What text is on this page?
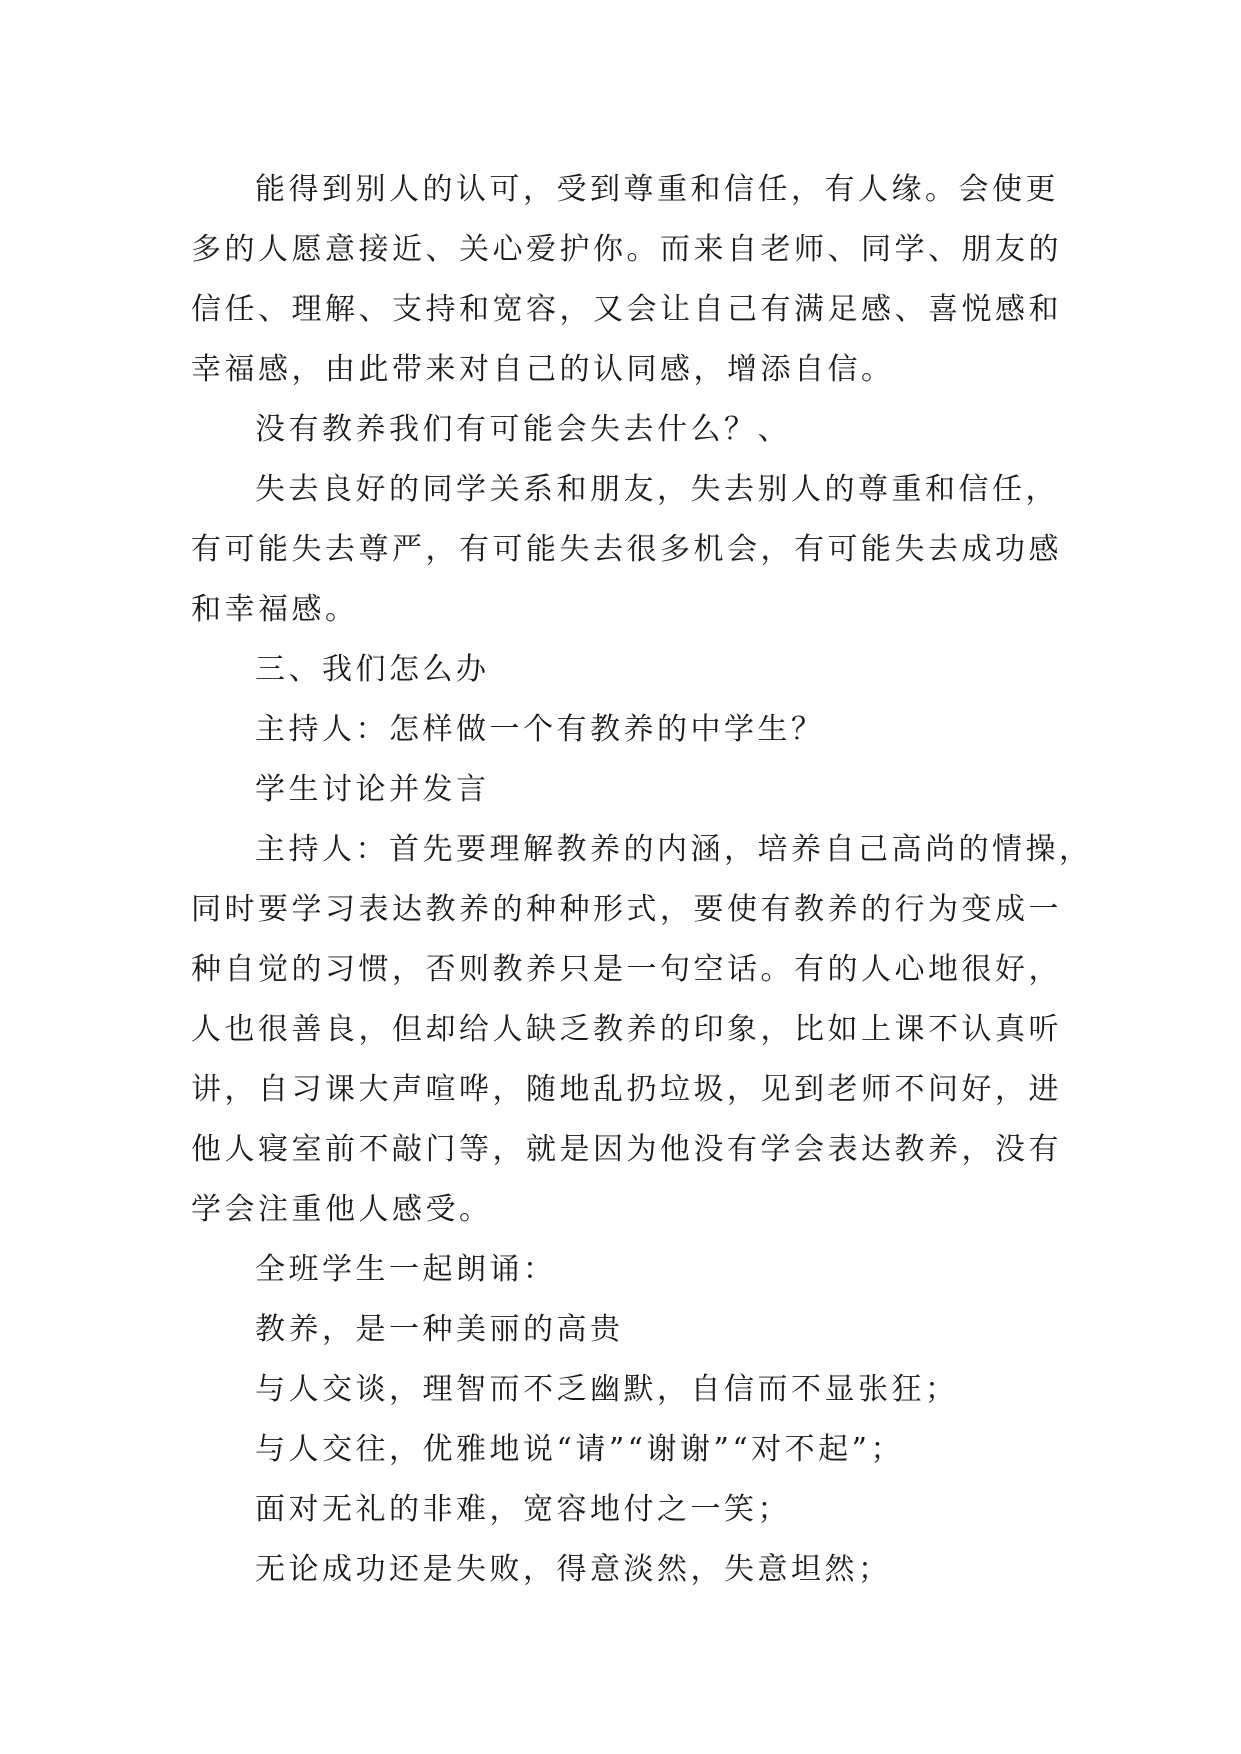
能得到别人的认可，受到尊重和信任，有人缘。会使更
多的人愿意接近、关心爱护你。而来自老师、同学、朋友的
信任、理解、支持和宽容，又会让自己有满足感、喜悦感和
幸福感，由此带来对自己的认同感，增添自信。
没有教养我们有可能会失去什么？、
失去良好的同学关系和朋友，失去别人的尊重和信任，
有可能失去尊严，有可能失去很多机会，有可能失去成功感
和幸福感。
三、我们怎么办
主持人：怎样做一个有教养的中学生？
学生讨论并发言
主持人：首先要理解教养的内涵，培养自己高尚的情操，
同时要学习表达教养的种种形式，要使有教养的行为变成一
种自觉的习惯，否则教养只是一句空话。有的人心地很好，
人也很善良，但却给人缺乏教养的印象，比如上课不认真听
讲，自习课大声喧哗，随地乱扔垃圾，见到老师不问好，进
他人寝室前不敲门等，就是因为他没有学会表达教养，没有
学会注重他人感受。
全班学生一起朗诵：
教养，是一种美丽的高贵
与人交谈，理智而不乏幽默，自信而不显张狂；
与人交往，优雅地说“请”“谢谢”“对不起”；
面对无礼的非难，宽容地付之一笑；
无论成功还是失败，得意淡然，失意坦然；
